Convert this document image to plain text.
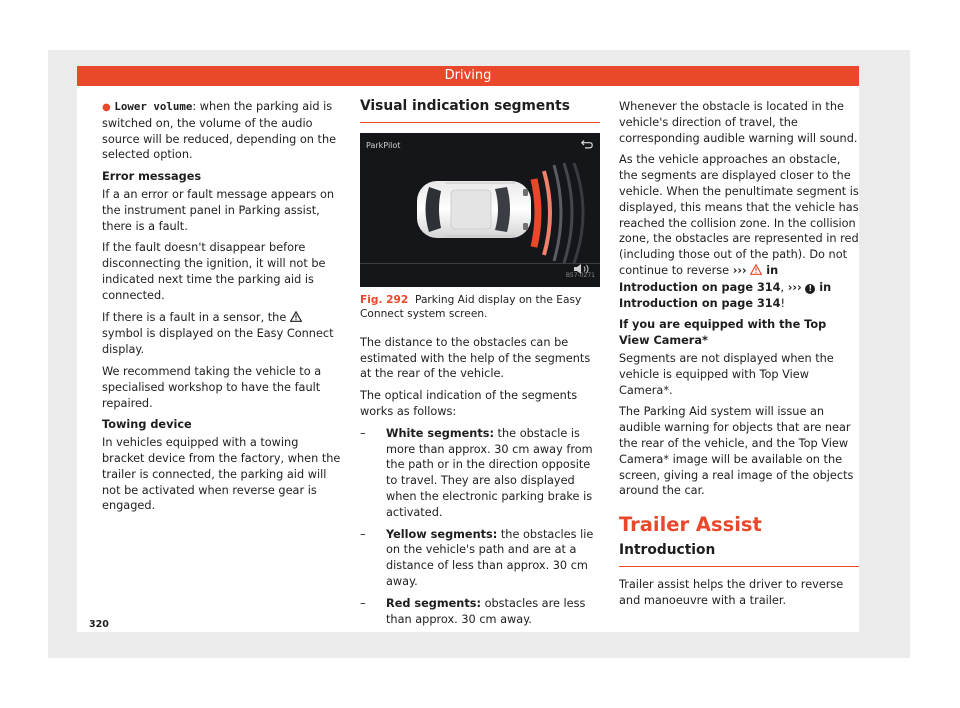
Driving

● Lower volume: when the parking aid is switched on, the volume of the audio source will be reduced, depending on the selected option.

Error messages

If a an error or fault message appears on the instrument panel in Parking assist, there is a fault.

If the fault doesn't disappear before disconnecting the ignition, it will not be indicated next time the parking aid is connected.

If there is a fault in a sensor, the  symbol is displayed on the Easy Connect display.

We recommend taking the vehicle to a specialised workshop to have the fault repaired.

Towing device

In vehicles equipped with a towing bracket device from the factory, when the trailer is connected, the parking aid will not be activated when reverse gear is engaged.

Visual indication segments
ParkPilot
B57-0271
Fig. 292 Parking Aid display on the Easy Connect system screen.

The distance to the obstacles can be estimated with the help of the segments at the rear of the vehicle.

The optical indication of the segments works as follows:

– White segments: the obstacle is more than approx. 30 cm away from the path or in the direction opposite to travel. They are also displayed when the electronic parking brake is activated.
– Yellow segments: the obstacles lie on the vehicle's path and are at a distance of less than approx. 30 cm away.
– Red segments: obstacles are less than approx. 30 cm away.

Whenever the obstacle is located in the vehicle's direction of travel, the corresponding audible warning will sound.

As the vehicle approaches an obstacle, the segments are displayed closer to the vehicle. When the penultimate segment is displayed, this means that the vehicle has reached the collision zone. In the collision zone, the obstacles are represented in red (including those out of the path). Do not continue to reverse ›››  in Introduction on page 314, ››› ! in Introduction on page 314!

If you are equipped with the Top View Camera*

Segments are not displayed when the vehicle is equipped with Top View Camera*.

The Parking Aid system will issue an audible warning for objects that are near the rear of the vehicle, and the Top View Camera* image will be available on the screen, giving a real image of the objects around the car.

Trailer Assist
Introduction

Trailer assist helps the driver to reverse and manoeuvre with a trailer.

320
